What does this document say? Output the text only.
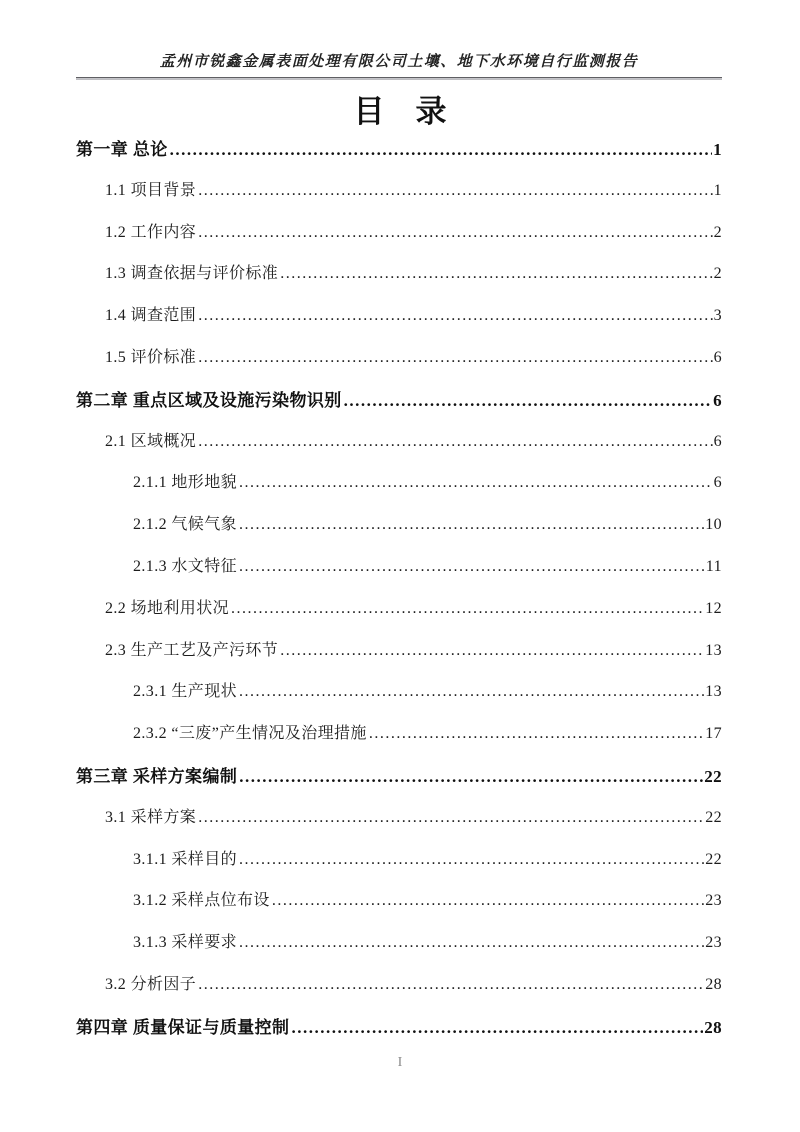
孟州市锐鑫金属表面处理有限公司土壤、地下水环境自行监测报告
目　录
第一章 总论 .....	1
1.1 项目背景 .....	1
1.2 工作内容 .....	2
1.3 调查依据与评价标准 .....	2
1.4 调查范围 .....	3
1.5 评价标准 .....	6
第二章 重点区域及设施污染物识别 .....	6
2.1 区域概况 .....	6
2.1.1 地形地貌 .....	6
2.1.2 气候气象 .....	10
2.1.3 水文特征 .....	11
2.2 场地利用状况 .....	12
2.3 生产工艺及产污环节 .....	13
2.3.1 生产现状 .....	13
2.3.2 “三废”产生情况及治理措施 .....	17
第三章 采样方案编制 .....	22
3.1 采样方案 .....	22
3.1.1 采样目的 .....	22
3.1.2 采样点位布设 .....	23
3.1.3 采样要求 .....	23
3.2 分析因子 .....	28
第四章 质量保证与质量控制 .....	28
I
